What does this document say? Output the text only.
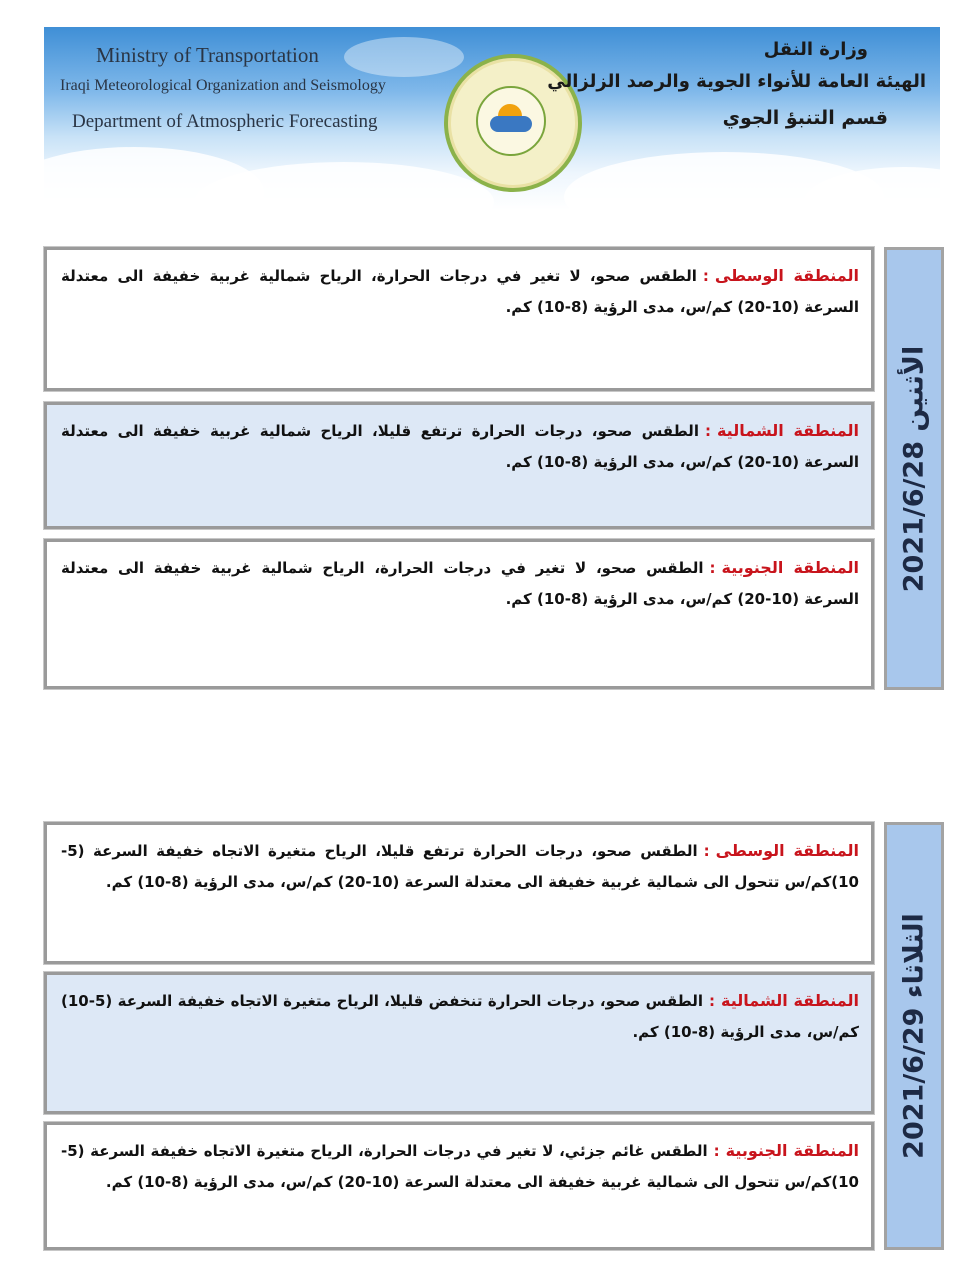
Ministry of Transportation
Iraqi Meteorological Organization and Seismology
Department of Atmospheric Forecasting
وزارة النقل
الهيئة العامة للأنواء الجوية والرصد الزلزالي
قسم التنبؤ الجوي

المنطقة الوسطى:الطقس صحو، لا تغير في درجات الحرارة، الرياح شمالية غربية خفيفة الى معتدلة السرعة (10-20) كم/س، مدى الرؤية (8-10) كم.

المنطقة الشمالية:الطقس صحو، درجات الحرارة ترتفع قليلا، الرياح شمالية غربية خفيفة الى معتدلة السرعة (10-20) كم/س، مدى الرؤية (8-10) كم.

المنطقة الجنوبية:الطقس صحو، لا تغير في درجات الحرارة، الرياح شمالية غربية خفيفة الى معتدلة السرعة (10-20) كم/س، مدى الرؤية (8-10) كم.

الأثنين 2021/6/28

المنطقة الوسطى:الطقس صحو، درجات الحرارة ترتفع قليلا، الرياح متغيرة الاتجاه خفيفة السرعة (5-10)كم/س تتحول الى شمالية غربية خفيفة الى معتدلة السرعة (10-20) كم/س، مدى الرؤية (8-10) كم.

المنطقة الشمالية:الطقس صحو، درجات الحرارة تنخفض قليلا، الرياح متغيرة الاتجاه خفيفة السرعة (5-10) كم/س، مدى الرؤية (8-10) كم.

المنطقة الجنوبية:الطقس غائم جزئي، لا تغير في درجات الحرارة، الرياح متغيرة الاتجاه خفيفة السرعة (5-10)كم/س تتحول الى شمالية غربية خفيفة الى معتدلة السرعة (10-20) كم/س، مدى الرؤية (8-10) كم.

الثلاثاء 2021/6/29
